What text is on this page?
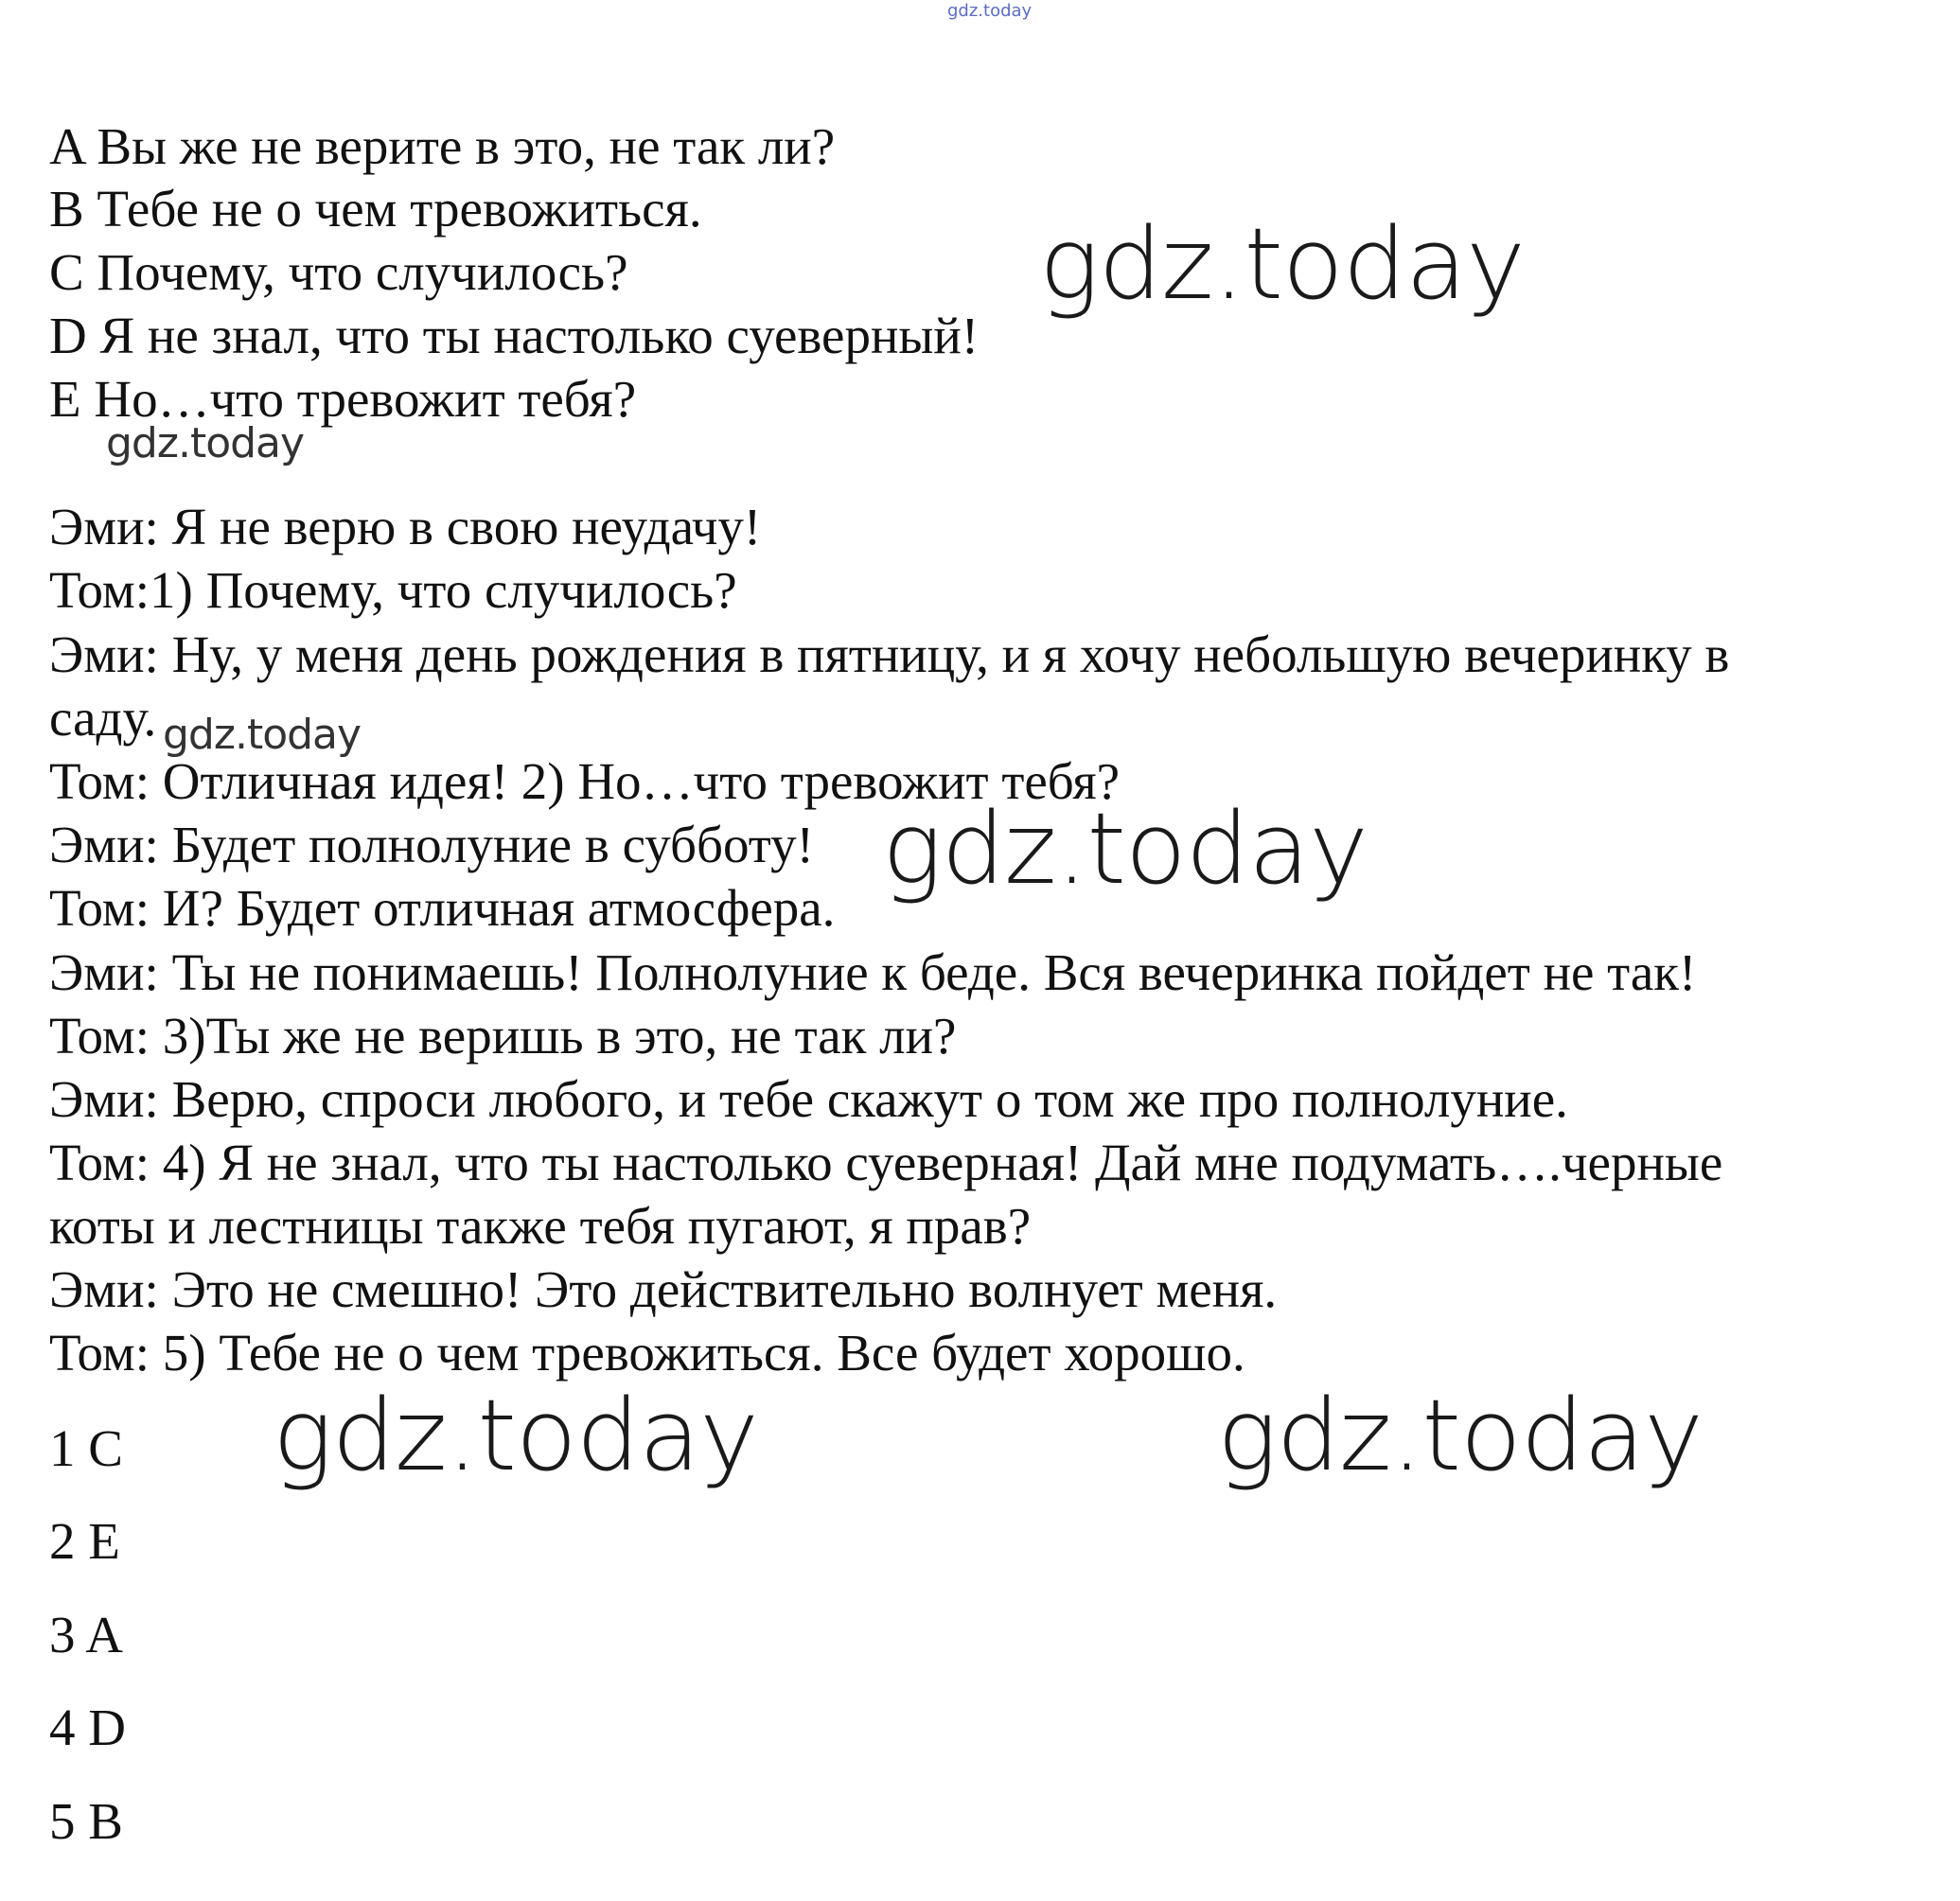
gdz.today
A Вы же не верите в это, не так ли?
B Тебе не о чем тревожиться.
C Почему, что случилось?
D Я не знал, что ты настолько суеверный!
E Но…что тревожит тебя?
Эми: Я не верю в свою неудачу!
Том:1) Почему, что случилось?
Эми: Ну, у меня день рождения в пятницу, и я хочу небольшую вечеринку в
саду.
Том: Отличная идея! 2) Но…что тревожит тебя?
Эми: Будет полнолуние в субботу!
Том: И? Будет отличная атмосфера.
Эми: Ты не понимаешь! Полнолуние к беде. Вся вечеринка пойдет не так!
Том: 3)Ты же не веришь в это, не так ли?
Эми: Верю, спроси любого, и тебе скажут о том же про полнолуние.
Том: 4) Я не знал, что ты настолько суеверная! Дай мне подумать….черные
коты и лестницы также тебя пугают, я прав?
Эми: Это не смешно! Это действительно волнует меня.
Том: 5) Тебе не о чем тревожиться. Все будет хорошо.
1 C
2 E
3 A
4 D
5 B
gdz.today
gdz.today
gdz.today
gdz.today
gdz.today	gdz.today
